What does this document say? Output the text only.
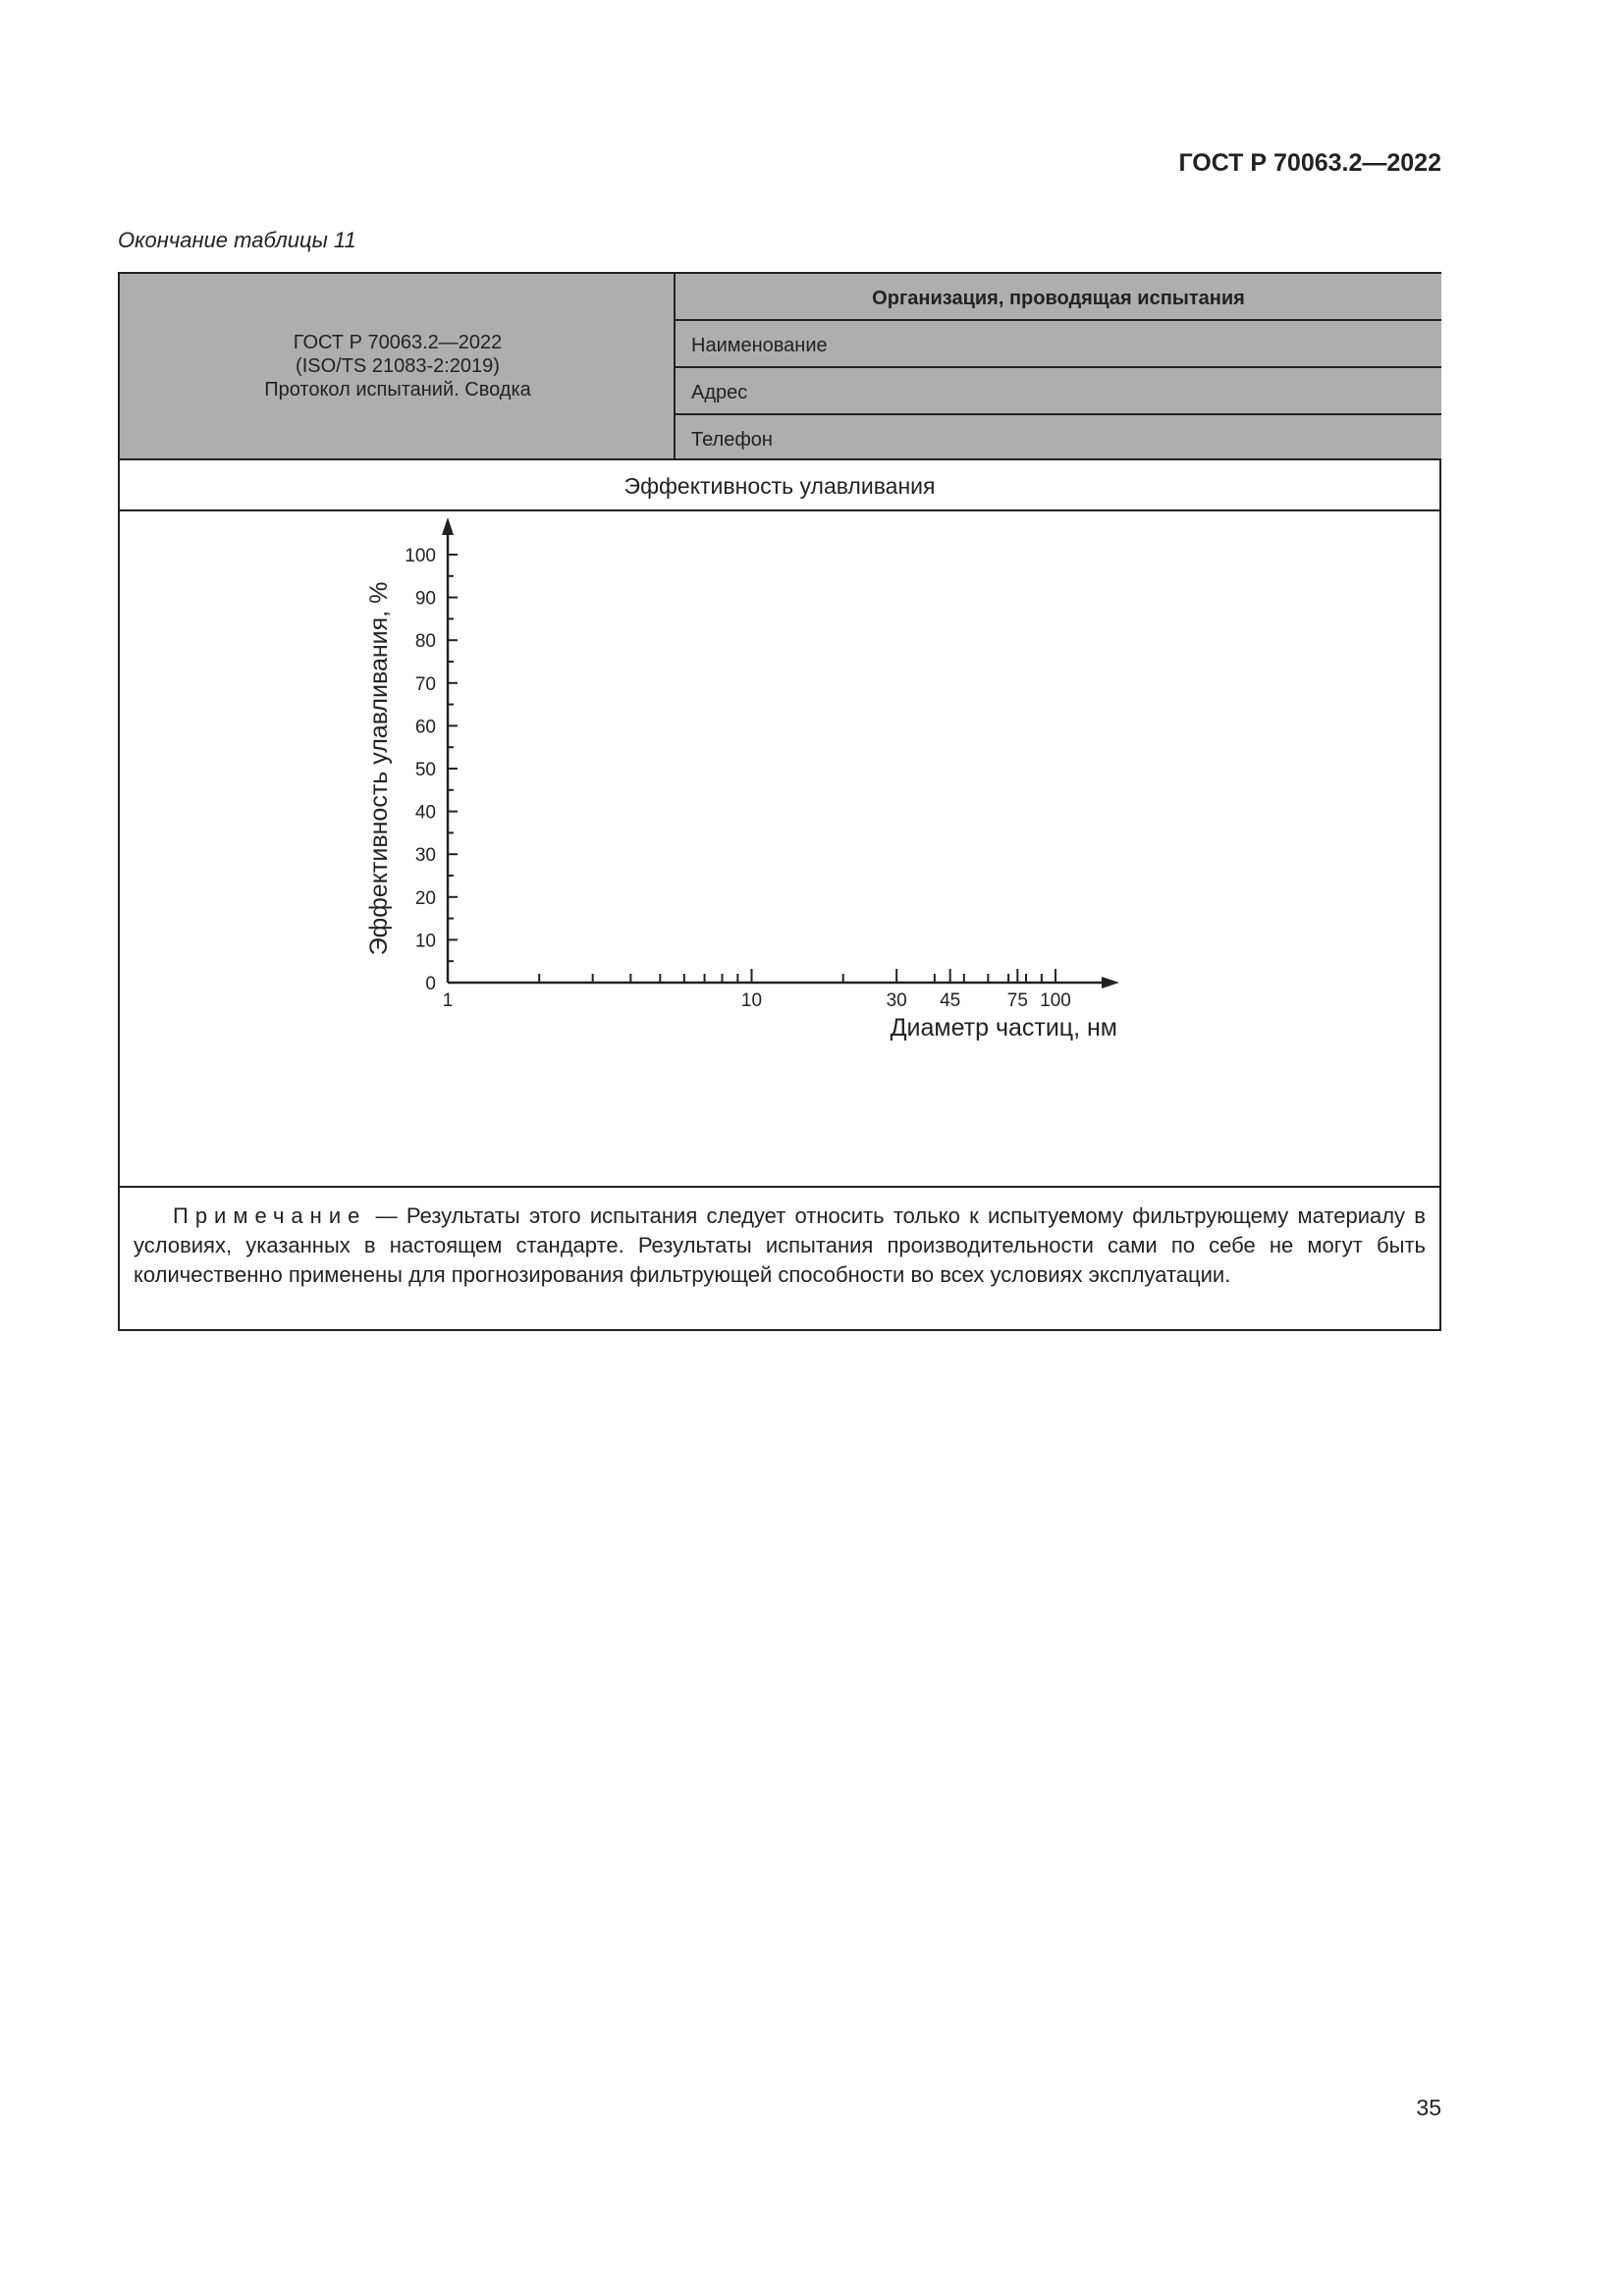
ГОСТ Р 70063.2—2022
Окончание таблицы 11
ГОСТ Р 70063.2—2022
(ISO/TS 21083-2:2019)
Протокол испытаний. Сводка
Организация, проводящая испытания
Наименование
Адрес
Телефон
Эффективность улавливания
0
10
20
30
40
50
60
70
80
90
100
1	10	30 45	75 100
Диаметр частиц, нм
Эффективность улавливания, %
Примечание — Результаты этого испытания следует относить только к испытуемому фильтрующему материалу в условиях, указанных в настоящем стандарте. Результаты испытания производительности сами по себе не могут быть количественно применены для прогнозирования фильтрующей способности во всех условиях эксплуатации.
35
